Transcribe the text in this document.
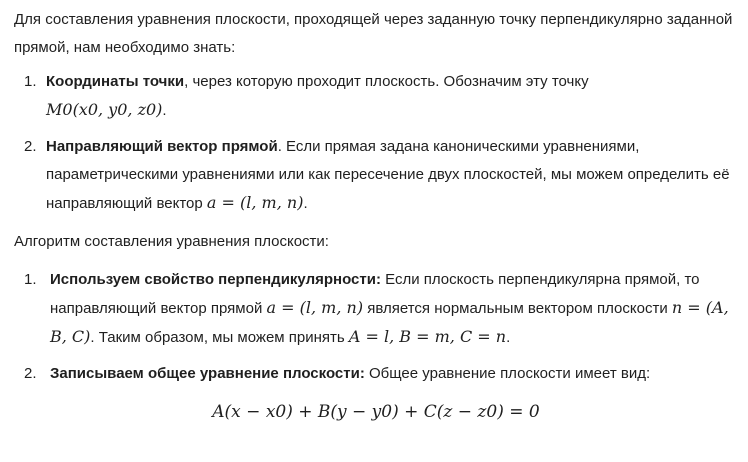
Для составления уравнения плоскости, проходящей через заданную точку перпендикулярно заданной прямой, нам необходимо знать:

1. Координаты точки, через которую проходит плоскость. Обозначим эту точку
M0(x0, y0, z0).
2. Направляющий вектор прямой. Если прямая задана каноническими уравнениями, параметрическими уравнениями или как пересечение двух плоскостей, мы можем определить её направляющий вектор a = (l, m, n).

Алгоритм составления уравнения плоскости:

1. Используем свойство перпендикулярности: Если плоскость перпендикулярна прямой, то направляющий вектор прямой a = (l, m, n) является нормальным вектором плоскости n = (A, B, C). Таким образом, мы можем принять A = l, B = m, C = n.
2. Записываем общее уравнение плоскости: Общее уравнение плоскости имеет вид:

A(x − x0) + B(y − y0) + C(z − z0) = 0
